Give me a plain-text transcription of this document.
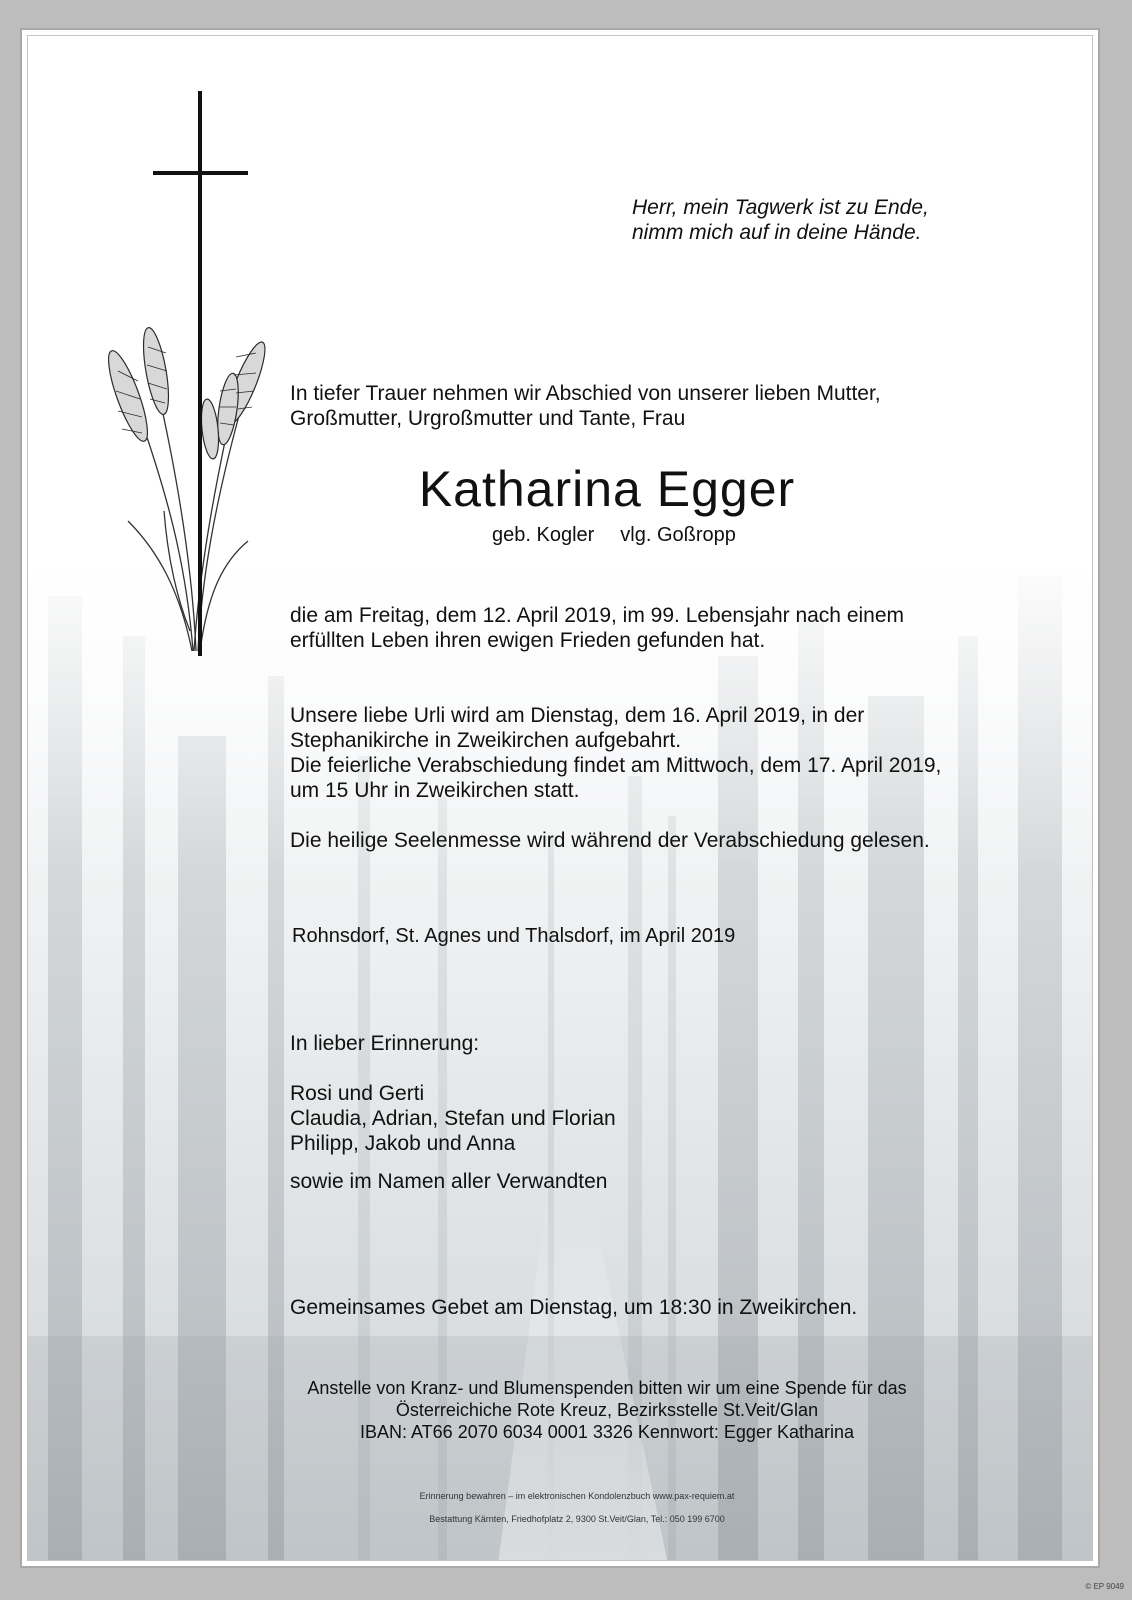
Herr, mein Tagwerk ist zu Ende,
nimm mich auf in deine Hände.
In tiefer Trauer nehmen wir Abschied von unserer lieben Mutter,
Großmutter, Urgroßmutter und Tante, Frau
Katharina Egger
geb. Kogler vlg. Goßropp
die am Freitag, dem 12. April 2019, im 99. Lebensjahr nach einem
erfüllten Leben ihren ewigen Frieden gefunden hat.
Unsere liebe Urli wird am Dienstag, dem 16. April 2019, in der
Stephanikirche in Zweikirchen aufgebahrt.
Die feierliche Verabschiedung findet am Mittwoch, dem 17. April 2019,
um 15 Uhr in Zweikirchen statt.
Die heilige Seelenmesse wird während der Verabschiedung gelesen.
Rohnsdorf, St. Agnes und Thalsdorf, im April 2019
In lieber Erinnerung:
Rosi und Gerti
Claudia, Adrian, Stefan und Florian
Philipp, Jakob und Anna
sowie im Namen aller Verwandten
Gemeinsames Gebet am Dienstag, um 18:30 in Zweikirchen.
Anstelle von Kranz- und Blumenspenden bitten wir um eine Spende für das
Österreichiche Rote Kreuz, Bezirksstelle St.Veit/Glan
IBAN: AT66 2070 6034 0001 3326 Kennwort: Egger Katharina
Erinnerung bewahren – im elektronischen Kondolenzbuch www.pax-requiem.at
Bestattung Kärnten, Friedhofplatz 2, 9300 St.Veit/Glan, Tel.: 050 199 6700
© EP 9049
